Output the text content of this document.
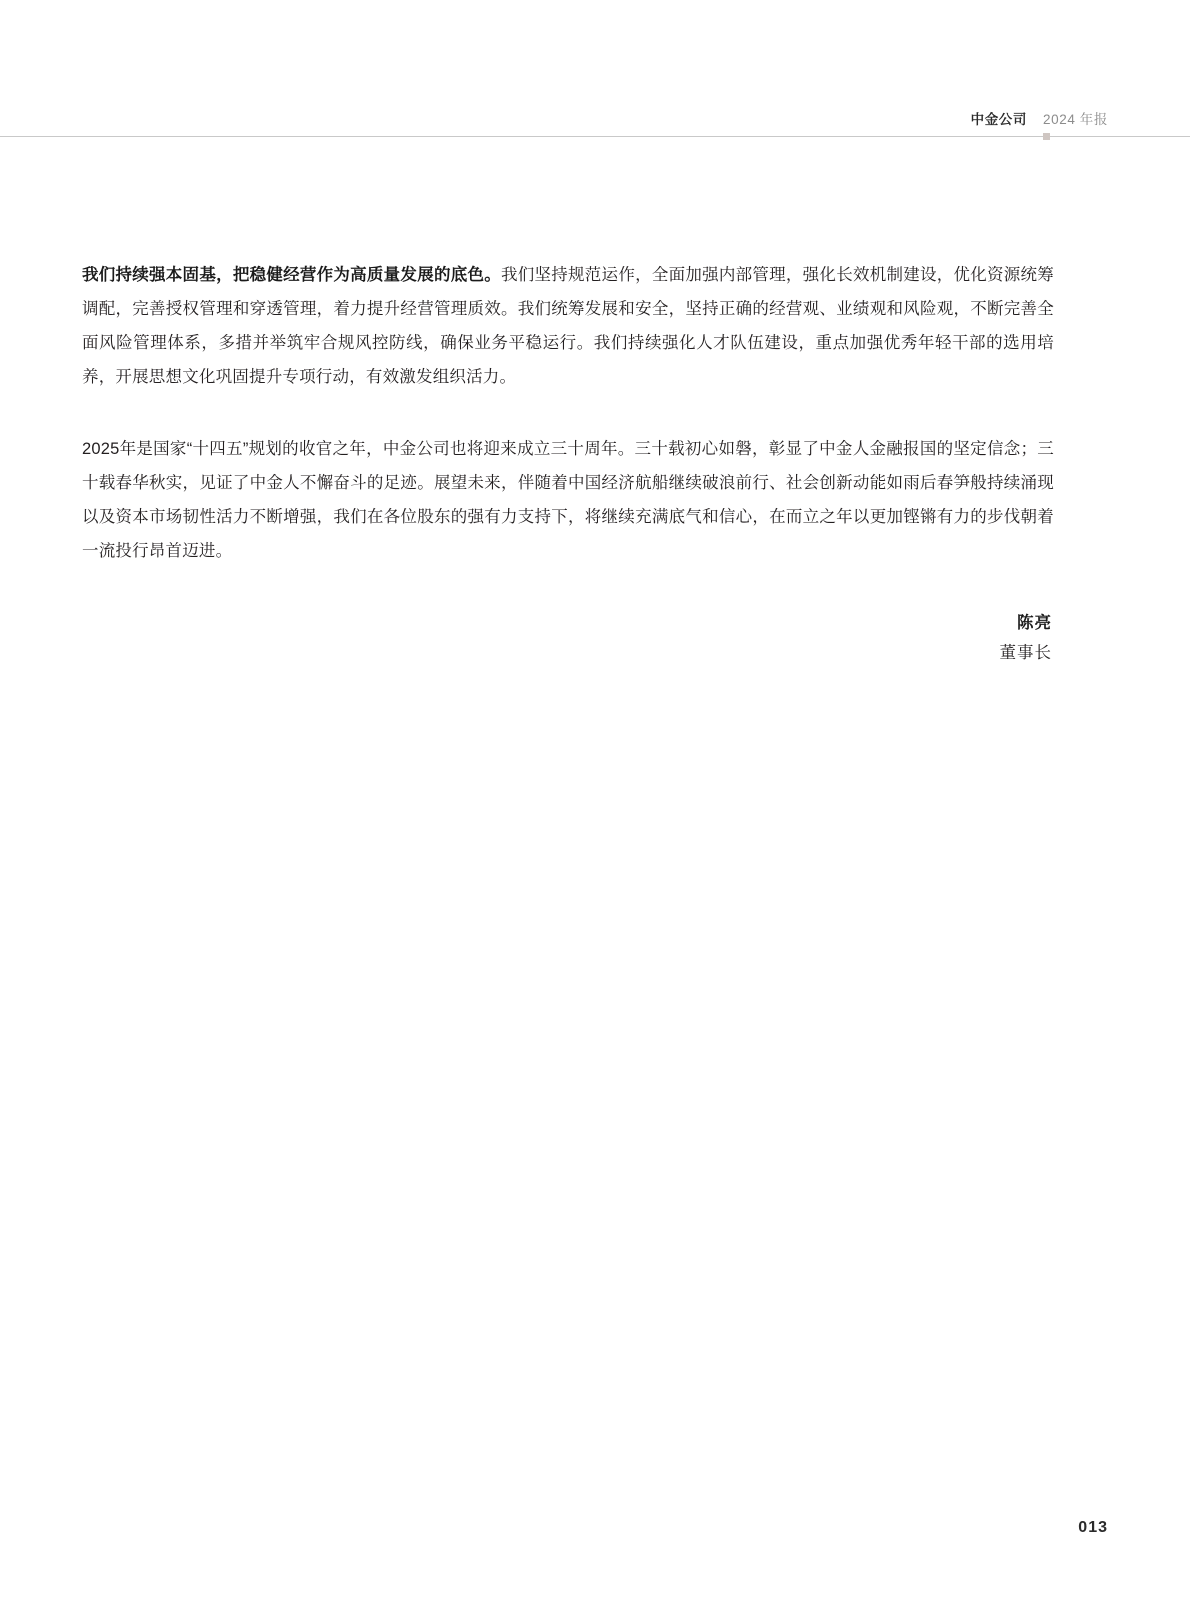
中金公司 2024 年报

我们持续强本固基，把稳健经营作为高质量发展的底色。我们坚持规范运作，全面加强内部管理，强化长效机制建设，优化资源统筹调配，完善授权管理和穿透管理，着力提升经营管理质效。我们统筹发展和安全，坚持正确的经营观、业绩观和风险观，不断完善全面风险管理体系，多措并举筑牢合规风控防线，确保业务平稳运行。我们持续强化人才队伍建设，重点加强优秀年轻干部的选用培养，开展思想文化巩固提升专项行动，有效激发组织活力。

2025年是国家“十四五”规划的收官之年，中金公司也将迎来成立三十周年。三十载初心如磐，彰显了中金人金融报国的坚定信念；三十载春华秋实，见证了中金人不懈奋斗的足迹。展望未来，伴随着中国经济航船继续破浪前行、社会创新动能如雨后春笋般持续涌现以及资本市场韧性活力不断增强，我们在各位股东的强有力支持下，将继续充满底气和信心，在而立之年以更加铿锵有力的步伐朝着一流投行昂首迈进。

陈亮
董事长
013
